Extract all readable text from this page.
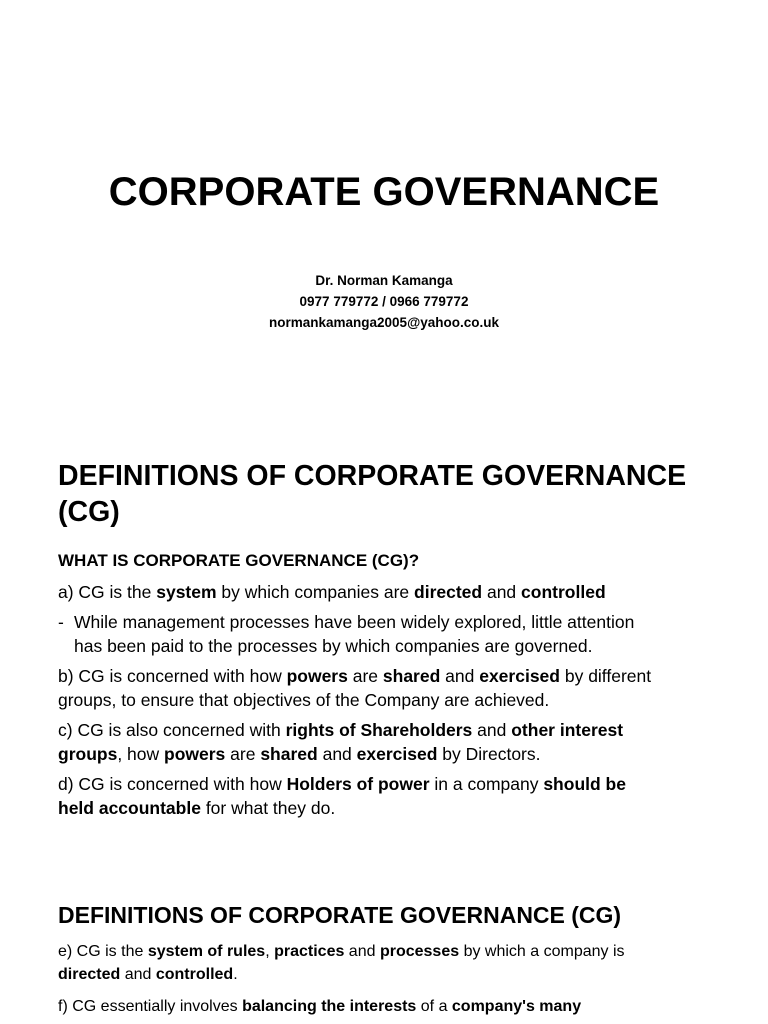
CORPORATE GOVERNANCE
Dr. Norman Kamanga
0977 779772 / 0966 779772
normankamanga2005@yahoo.co.uk
DEFINITIONS OF CORPORATE GOVERNANCE
(CG)
WHAT IS CORPORATE GOVERNANCE (CG)?
a) CG is the system by which companies are directed and controlled
- While management processes have been widely explored, little attention
has been paid to the processes by which companies are governed.
b) CG is concerned with how powers are shared and exercised by different
groups, to ensure that objectives of the Company are achieved.
c) CG is also concerned with rights of Shareholders and other interest
groups, how powers are shared and exercised by Directors.
d) CG is concerned with how Holders of power in a company should be
held accountable for what they do.
DEFINITIONS OF CORPORATE GOVERNANCE (CG)
e) CG is the system of rules, practices and processes by which a company is
directed and controlled.
f) CG essentially involves balancing the interests of a company's many
